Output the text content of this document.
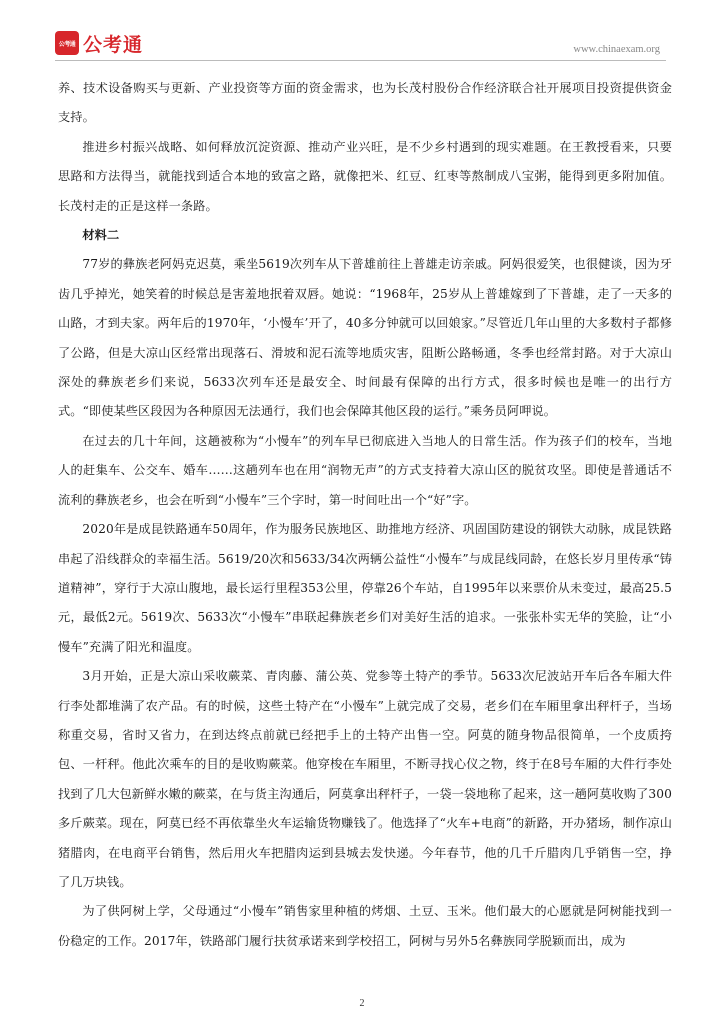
公考通 公考通	www.chinaexam.org

养、技术设备购买与更新、产业投资等方面的资金需求，也为长茂村股份合作经济联合社开展项目投资提供资金支持。

推进乡村振兴战略、如何释放沉淀资源、推动产业兴旺，是不少乡村遇到的现实难题。在王教授看来，只要思路和方法得当，就能找到适合本地的致富之路，就像把米、红豆、红枣等熬制成八宝粥，能得到更多附加值。长茂村走的正是这样一条路。

材料二

77岁的彝族老阿妈克迟莫，乘坐5619次列车从下普雄前往上普雄走访亲戚。阿妈很爱笑，也很健谈，因为牙齿几乎掉光，她笑着的时候总是害羞地抿着双唇。她说：“1968年，25岁从上普雄嫁到了下普雄，走了一天多的山路，才到夫家。两年后的1970年，‘小慢车’开了，40多分钟就可以回娘家。”尽管近几年山里的大多数村子都修了公路，但是大凉山区经常出现落石、滑坡和泥石流等地质灾害，阻断公路畅通，冬季也经常封路。对于大凉山深处的彝族老乡们来说，5633次列车还是最安全、时间最有保障的出行方式，很多时候也是唯一的出行方式。“即使某些区段因为各种原因无法通行，我们也会保障其他区段的运行。”乘务员阿呷说。

在过去的几十年间，这趟被称为“小慢车”的列车早已彻底进入当地人的日常生活。作为孩子们的校车，当地人的赶集车、公交车、婚车……这趟列车也在用“润物无声”的方式支持着大凉山区的脱贫攻坚。即使是普通话不流利的彝族老乡，也会在听到“小慢车”三个字时，第一时间吐出一个“好”字。

2020年是成昆铁路通车50周年，作为服务民族地区、助推地方经济、巩固国防建设的钢铁大动脉，成昆铁路串起了沿线群众的幸福生活。5619/20次和5633/34次两辆公益性“小慢车”与成昆线同龄，在悠长岁月里传承“铸道精神”，穿行于大凉山腹地，最长运行里程353公里，停靠26个车站，自1995年以来票价从未变过，最高25.5元，最低2元。5619次、5633次“小慢车”串联起彝族老乡们对美好生活的追求。一张张朴实无华的笑脸，让“小慢车”充满了阳光和温度。

3月开始，正是大凉山采收蕨菜、青肉藤、蒲公英、党参等土特产的季节。5633次尼波站开车后各车厢大件行李处都堆满了农产品。有的时候，这些土特产在“小慢车”上就完成了交易，老乡们在车厢里拿出秤杆子，当场称重交易，省时又省力，在到达终点前就已经把手上的土特产出售一空。阿莫的随身物品很简单，一个皮质挎包、一杆秤。他此次乘车的目的是收购蕨菜。他穿梭在车厢里，不断寻找心仪之物，终于在8号车厢的大件行李处找到了几大包新鲜水嫩的蕨菜，在与货主沟通后，阿莫拿出秤杆子，一袋一袋地称了起来，这一趟阿莫收购了300多斤蕨菜。现在，阿莫已经不再依靠坐火车运输货物赚钱了。他选择了“火车+电商”的新路，开办猪场，制作凉山猪腊肉，在电商平台销售，然后用火车把腊肉运到县城去发快递。今年春节，他的几千斤腊肉几乎销售一空，挣了几万块钱。

为了供阿树上学，父母通过“小慢车”销售家里种植的烤烟、土豆、玉米。他们最大的心愿就是阿树能找到一份稳定的工作。2017年，铁路部门履行扶贫承诺来到学校招工，阿树与另外5名彝族同学脱颖而出，成为

2
